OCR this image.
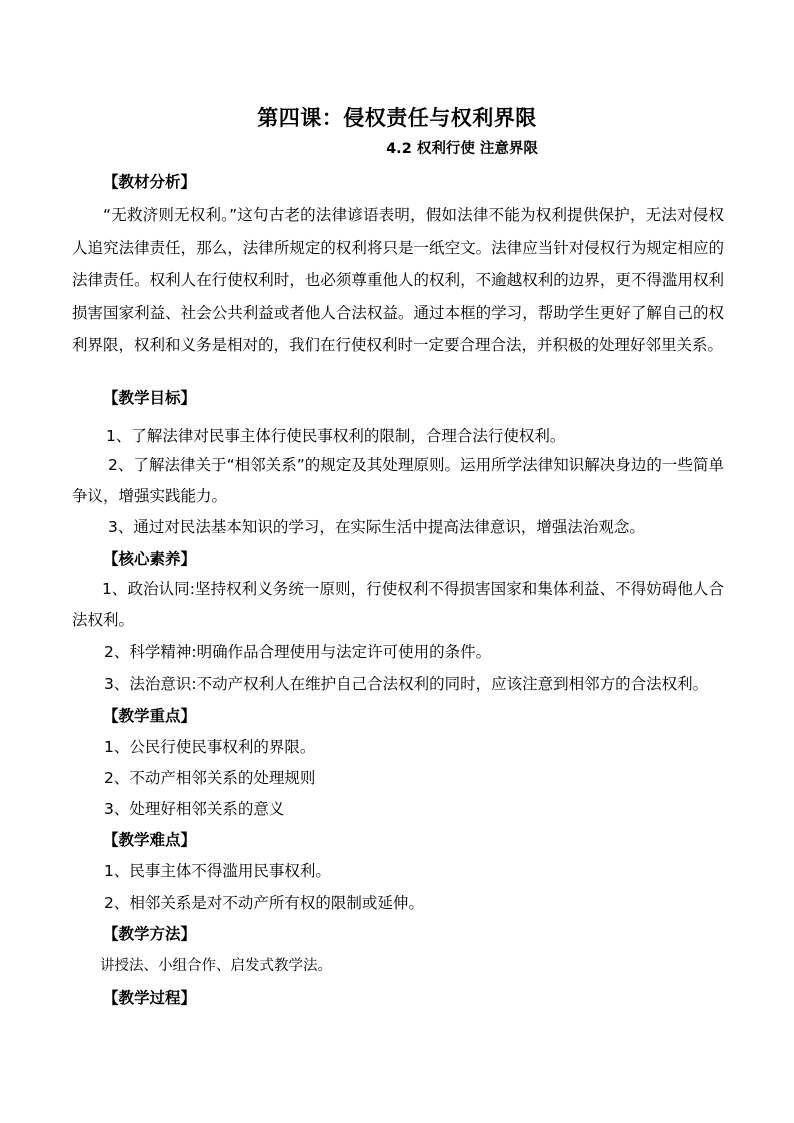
第四课：侵权责任与权利界限
4.2 权利行使 注意界限
【教材分析】
“无救济则无权利。”这句古老的法律谚语表明，假如法律不能为权利提供保护，无法对侵权人追究法律责任，那么，法律所规定的权利将只是一纸空文。法律应当针对侵权行为规定相应的法律责任。权利人在行使权利时，也必须尊重他人的权利，不逾越权利的边界，更不得滥用权利损害国家利益、社会公共利益或者他人合法权益。通过本框的学习，帮助学生更好了解自己的权利界限，权利和义务是相对的，我们在行使权利时一定要合理合法，并积极的处理好邻里关系。
【教学目标】
1、了解法律对民事主体行使民事权利的限制，合理合法行使权利。
2、了解法律关于“相邻关系”的规定及其处理原则。运用所学法律知识解决身边的一些简单争议，增强实践能力。
3、通过对民法基本知识的学习，在实际生活中提高法律意识，增强法治观念。
【核心素养】
1、政治认同:坚持权利义务统一原则，行使权利不得损害国家和集体利益、不得妨碍他人合法权利。
2、科学精神:明确作品合理使用与法定许可使用的条件。
3、法治意识:不动产权利人在维护自己合法权利的同时，应该注意到相邻方的合法权利。
【教学重点】
1、公民行使民事权利的界限。
2、不动产相邻关系的处理规则
3、处理好相邻关系的意义
【教学难点】
1、民事主体不得滥用民事权利。
2、相邻关系是对不动产所有权的限制或延伸。
【教学方法】
讲授法、小组合作、启发式教学法。
【教学过程】
